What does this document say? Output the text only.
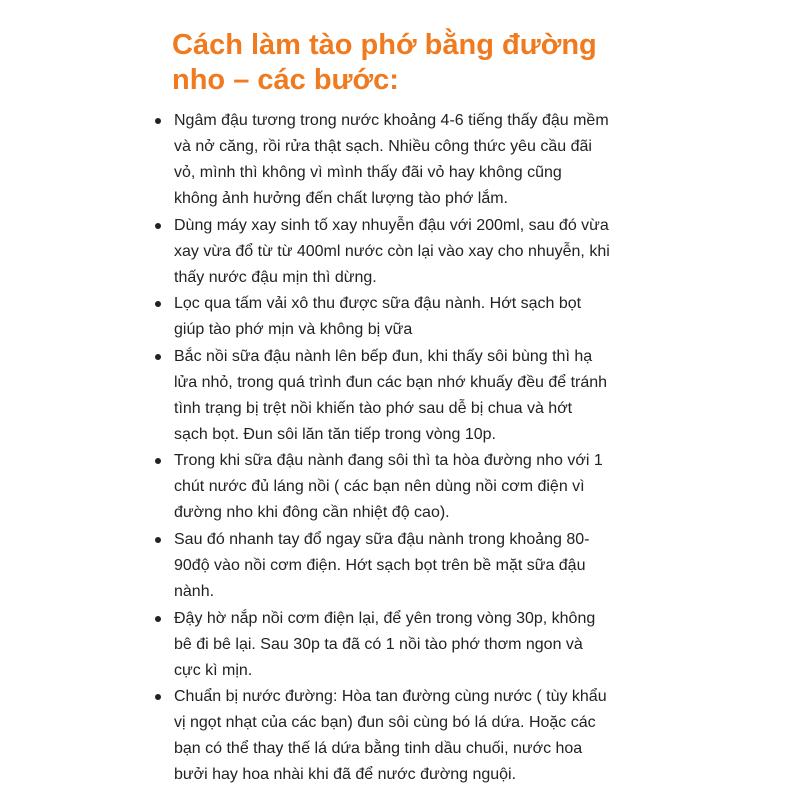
Cách làm tào phớ bằng đường
nho – các bước:
Ngâm đậu tương trong nước khoảng 4-6 tiếng thấy đậu mềm
và nở căng, rồi rửa thật sạch. Nhiều công thức yêu cầu đãi
vỏ, mình thì không vì mình thấy đãi vỏ hay không cũng
không ảnh hưởng đến chất lượng tào phớ lắm.
Dùng máy xay sinh tố xay nhuyễn đậu với 200ml, sau đó vừa
xay vừa đổ từ từ 400ml nước còn lại vào xay cho nhuyễn, khi
thấy nước đậu mịn thì dừng.
Lọc qua tấm vải xô thu được sữa đậu nành. Hớt sạch bọt
giúp tào phớ mịn và không bị vữa
Bắc nồi sữa đậu nành lên bếp đun, khi thấy sôi bùng thì hạ
lửa nhỏ, trong quá trình đun các bạn nhớ khuấy đều để tránh
tình trạng bị trệt nồi khiến tào phớ sau dễ bị chua và hớt
sạch bọt. Đun sôi lăn tăn tiếp trong vòng 10p.
Trong khi sữa đậu nành đang sôi thì ta hòa đường nho với 1
chút nước đủ láng nồi ( các bạn nên dùng nồi cơm điện vì
đường nho khi đông cần nhiệt độ cao).
Sau đó nhanh tay đổ ngay sữa đậu nành trong khoảng 80-
90độ vào nồi cơm điện. Hớt sạch bọt trên bề mặt sữa đậu
nành.
Đậy hờ nắp nồi cơm điện lại, để yên trong vòng 30p, không
bê đi bê lại. Sau 30p ta đã có 1 nồi tào phớ thơm ngon và
cực kì mịn.
Chuẩn bị nước đường: Hòa tan đường cùng nước ( tùy khẩu
vị ngọt nhạt của các bạn) đun sôi cùng bó lá dứa. Hoặc các
bạn có thể thay thế lá dứa bằng tinh dầu chuối, nước hoa
bưởi hay hoa nhài khi đã để nước đường nguội.
